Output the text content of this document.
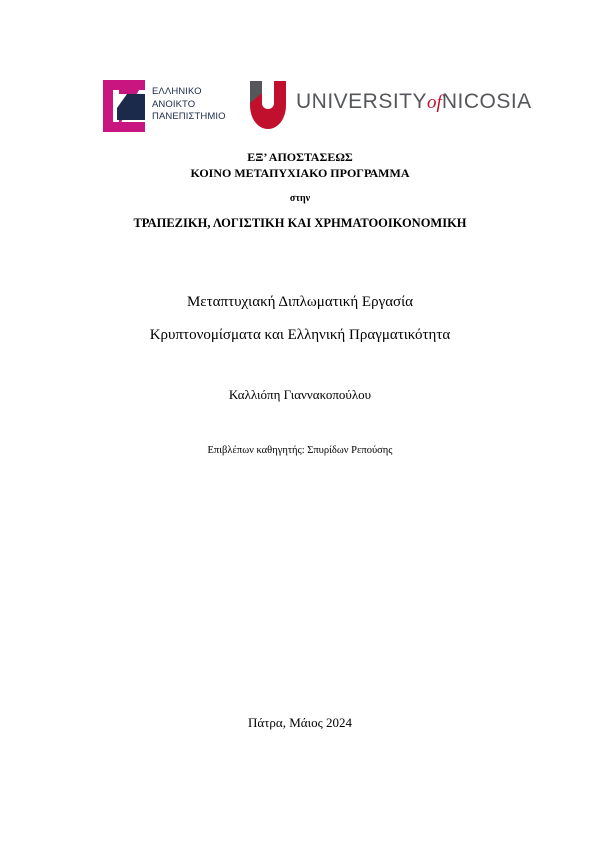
ΕΛΛΗΝΙΚΟ
ΑΝΟΙΚΤΟ
ΠΑΝΕΠΙΣΤΗΜΙΟ
UNIVERSITYofNICOSIA
ΕΞ’ ΑΠΟΣΤΑΣΕΩΣ
ΚΟΙΝΟ ΜΕΤΑΠΥΧΙΑΚΟ ΠΡΟΓΡΑΜΜΑ
στην
ΤΡΑΠΕΖΙΚΗ, ΛΟΓΙΣΤΙΚΗ ΚΑΙ ΧΡΗΜΑΤΟΟΙΚΟΝΟΜΙΚΗ
Μεταπτυχιακή Διπλωματική Εργασία
Κρυπτονομίσματα και Ελληνική Πραγματικότητα
Καλλιόπη Γιαννακοπούλου
Επιβλέπων καθηγητής: Σπυρίδων Ρεπούσης
Πάτρα, Μάιος 2024
